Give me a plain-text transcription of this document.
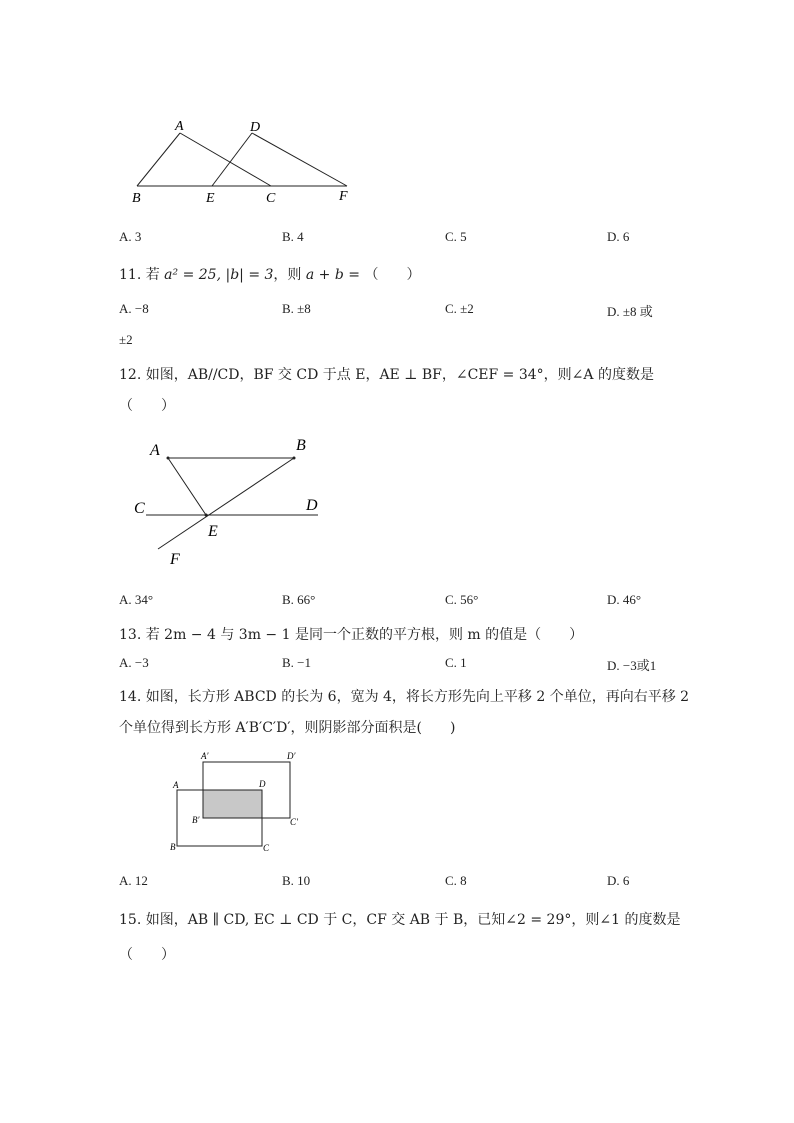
A	D
B	E	C	F
A. 3	B. 4	C. 5	D. 6
11. 若 a² = 25, |b| = 3，则 a + b = （　　）
A. −8	B. ±8	C. ±2	D. ±8 或
±2
12. 如图，AB//CD，BF 交 CD 于点 E，AE ⊥ BF，∠CEF = 34°，则∠A 的度数是
（　　）
A	B
C	D
E
F
A. 34°	B. 66°	C. 56°	D. 46°
13. 若 2m − 4 与 3m − 1 是同一个正数的平方根，则 m 的值是（　　）
A. −3	B. −1	C. 1	D. −3或1
14. 如图，长方形 ABCD 的长为 6，宽为 4，将长方形先向上平移 2 个单位，再向右平移 2
个单位得到长方形 A′B′C′D′，则阴影部分面积是(　　)
A′	D′
A	D
B′	C′
B	C
A. 12	B. 10	C. 8	D. 6
15. 如图，AB ∥ CD, EC ⊥ CD 于 C，CF 交 AB 于 B，已知∠2 = 29°，则∠1 的度数是
（　　）
